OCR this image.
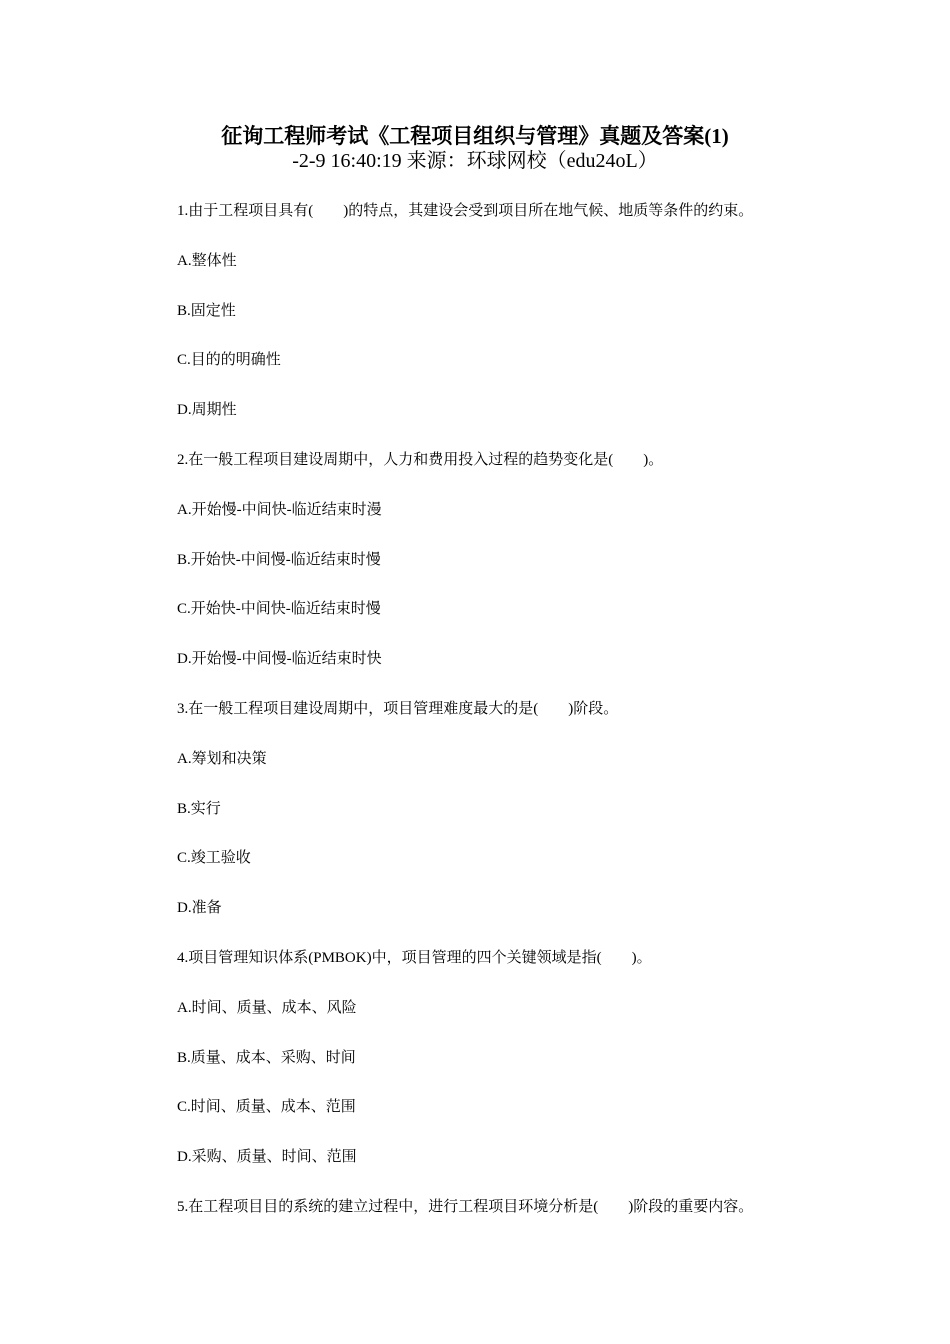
征询工程师考试《工程项目组织与管理》真题及答案(1)
-2-9 16:40:19 来源：环球网校（edu24oL）
1.由于工程项目具有(　　)的特点，其建设会受到项目所在地气候、地质等条件的约束。
A.整体性
B.固定性
C.目的的明确性
D.周期性
2.在一般工程项目建设周期中，人力和费用投入过程的趋势变化是(　　)。
A.开始慢-中间快-临近结束时漫
B.开始快-中间慢-临近结束时慢
C.开始快-中间快-临近结束时慢
D.开始慢-中间慢-临近结束时快
3.在一般工程项目建设周期中，项目管理难度最大的是(　　)阶段。
A.筹划和决策
B.实行
C.竣工验收
D.准备
4.项目管理知识体系(PMBOK)中，项目管理的四个关键领域是指(　　)。
A.时间、质量、成本、风险
B.质量、成本、采购、时间
C.时间、质量、成本、范围
D.采购、质量、时间、范围
5.在工程项目目的系统的建立过程中，进行工程项目环境分析是(　　)阶段的重要内容。
